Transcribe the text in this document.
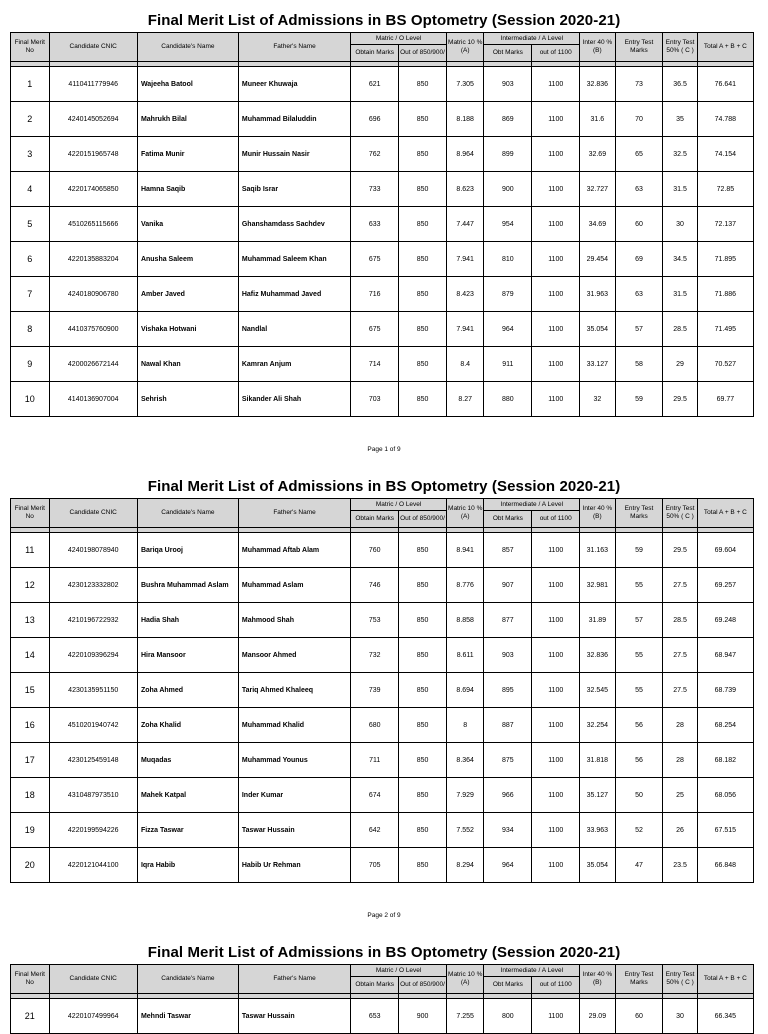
Final Merit List of Admissions in BS Optometry (Session 2020-21)
Final Merit No	Candidate CNIC	Candidate's Name	Father's Name	Matric / O Level		Matric 10 % (A)	Intermediate / A Level		Inter 40 % (B)	Entry Test Marks	Entry Test 50% ( C )	Total A + B + C
				Obtain Marks	Out of 850/900/		Obt Marks	out of 1100				

1	4110411779946	Wajeeha Batool	Muneer Khuwaja	621	850	7.305	903	1100	32.836	73	36.5	76.641
2	4240145052694	Mahrukh Bilal	Muhammad Bilaluddin	696	850	8.188	869	1100	31.6	70	35	74.788
3	4220151965748	Fatima Munir	Munir Hussain Nasir	762	850	8.964	899	1100	32.69	65	32.5	74.154
4	4220174065850	Hamna Saqib	Saqib Israr	733	850	8.623	900	1100	32.727	63	31.5	72.85
5	4510265115666	Vanika	Ghanshamdass Sachdev	633	850	7.447	954	1100	34.69	60	30	72.137
6	4220135883204	Anusha Saleem	Muhammad Saleem Khan	675	850	7.941	810	1100	29.454	69	34.5	71.895
7	4240180906780	Amber Javed	Hafiz Muhammad Javed	716	850	8.423	879	1100	31.963	63	31.5	71.886
8	4410375760900	Vishaka Hotwani	Nandlal	675	850	7.941	964	1100	35.054	57	28.5	71.495
9	4200026672144	Nawal Khan	Kamran Anjum	714	850	8.4	911	1100	33.127	58	29	70.527
10	4140136907004	Sehrish	Sikander Ali Shah	703	850	8.27	880	1100	32	59	29.5	69.77
Page 1 of 9
Final Merit List of Admissions in BS Optometry (Session 2020-21)
Final Merit No	Candidate CNIC	Candidate's Name	Father's Name	Matric / O Level		Matric 10 % (A)	Intermediate / A Level		Inter 40 % (B)	Entry Test Marks	Entry Test 50% ( C )	Total A + B + C
				Obtain Marks	Out of 850/900/		Obt Marks	out of 1100				

11	4240198078940	Bariqa Urooj	Muhammad Aftab Alam	760	850	8.941	857	1100	31.163	59	29.5	69.604
12	4230123332802	Bushra Muhammad Aslam	Muhammad Aslam	746	850	8.776	907	1100	32.981	55	27.5	69.257
13	4210196722932	Hadia Shah	Mahmood Shah	753	850	8.858	877	1100	31.89	57	28.5	69.248
14	4220109396294	Hira Mansoor	Mansoor Ahmed	732	850	8.611	903	1100	32.836	55	27.5	68.947
15	4230135951150	Zoha Ahmed	Tariq Ahmed Khaleeq	739	850	8.694	895	1100	32.545	55	27.5	68.739
16	4510201940742	Zoha Khalid	Muhammad Khalid	680	850	8	887	1100	32.254	56	28	68.254
17	4230125459148	Muqadas	Muhammad Younus	711	850	8.364	875	1100	31.818	56	28	68.182
18	4310487973510	Mahek Katpal	Inder Kumar	674	850	7.929	966	1100	35.127	50	25	68.056
19	4220199594226	Fizza Taswar	Taswar Hussain	642	850	7.552	934	1100	33.963	52	26	67.515
20	4220121044100	Iqra Habib	Habib Ur Rehman	705	850	8.294	964	1100	35.054	47	23.5	66.848
Page 2 of 9
Final Merit List of Admissions in BS Optometry (Session 2020-21)
Final Merit No	Candidate CNIC	Candidate's Name	Father's Name	Matric / O Level		Matric 10 % (A)	Intermediate / A Level		Inter 40 % (B)	Entry Test Marks	Entry Test 50% ( C )	Total A + B + C
				Obtain Marks	Out of 850/900/		Obt Marks	out of 1100				

21	4220107499964	Mehndi Taswar	Taswar Hussain	653	900	7.255	800	1100	29.09	60	30	66.345
